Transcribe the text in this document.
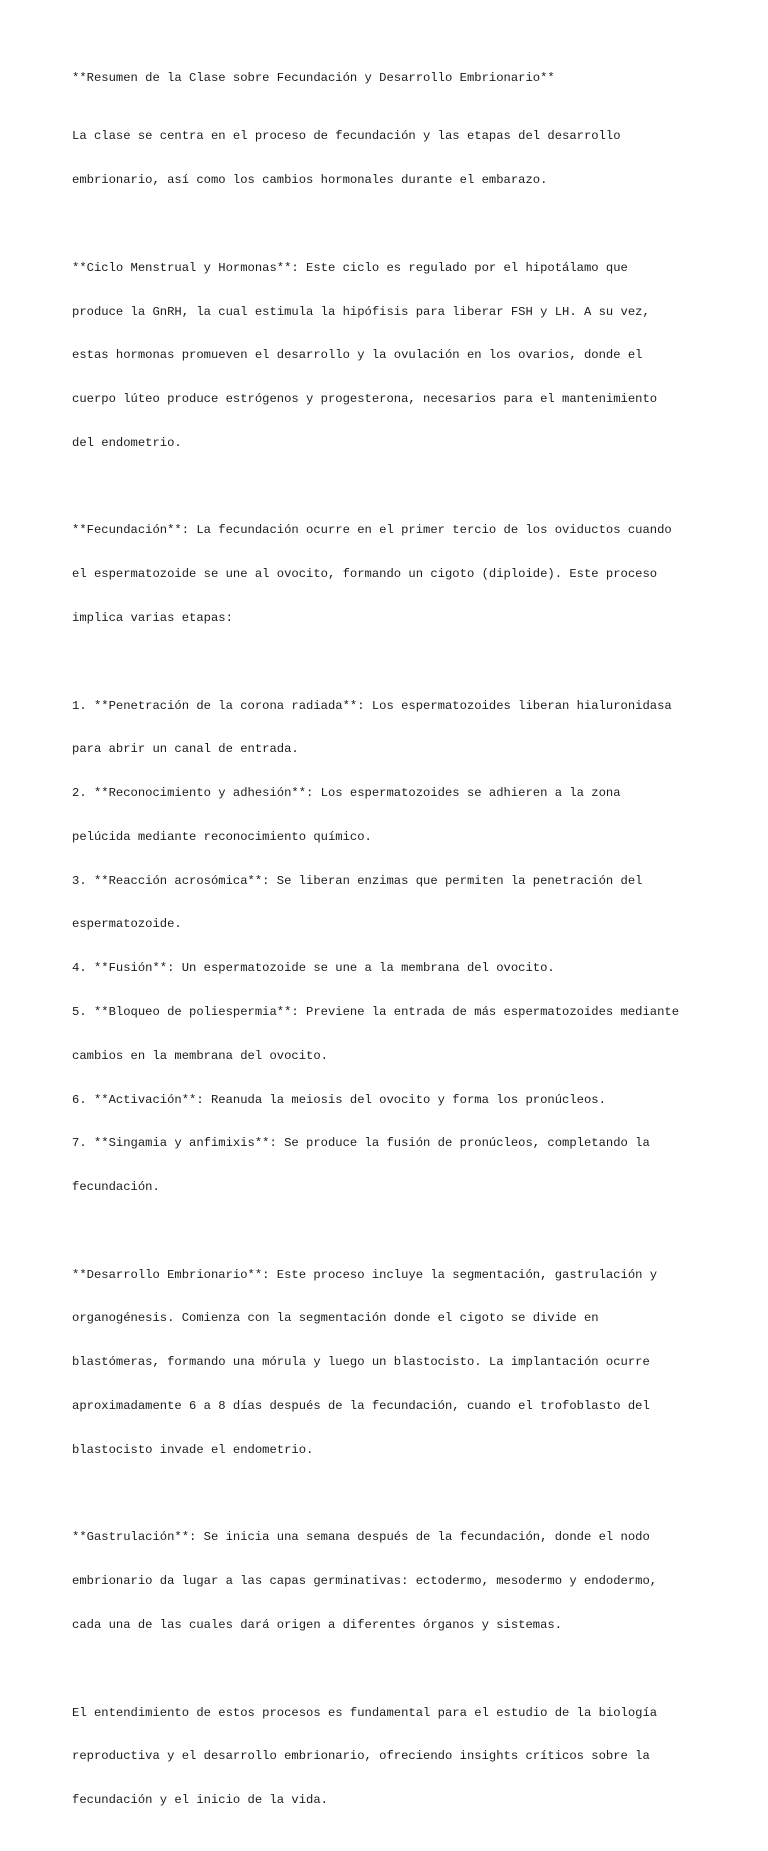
**Resumen de la Clase sobre Fecundación y Desarrollo Embrionario**

La clase se centra en el proceso de fecundación y las etapas del desarrollo

embrionario, así como los cambios hormonales durante el embarazo.

**Ciclo Menstrual y Hormonas**: Este ciclo es regulado por el hipotálamo que

produce la GnRH, la cual estimula la hipófisis para liberar FSH y LH. A su vez,

estas hormonas promueven el desarrollo y la ovulación en los ovarios, donde el

cuerpo lúteo produce estrógenos y progesterona, necesarios para el mantenimiento

del endometrio.

**Fecundación**: La fecundación ocurre en el primer tercio de los oviductos cuando

el espermatozoide se une al ovocito, formando un cigoto (diploide). Este proceso

implica varias etapas:

1. **Penetración de la corona radiada**: Los espermatozoides liberan hialuronidasa

para abrir un canal de entrada.

2. **Reconocimiento y adhesión**: Los espermatozoides se adhieren a la zona

pelúcida mediante reconocimiento químico.

3. **Reacción acrosómica**: Se liberan enzimas que permiten la penetración del

espermatozoide.

4. **Fusión**: Un espermatozoide se une a la membrana del ovocito.

5. **Bloqueo de poliespermia**: Previene la entrada de más espermatozoides mediante

cambios en la membrana del ovocito.

6. **Activación**: Reanuda la meiosis del ovocito y forma los pronúcleos.

7. **Singamia y anfimixis**: Se produce la fusión de pronúcleos, completando la

fecundación.

**Desarrollo Embrionario**: Este proceso incluye la segmentación, gastrulación y

organogénesis. Comienza con la segmentación donde el cigoto se divide en

blastómeras, formando una mórula y luego un blastocisto. La implantación ocurre

aproximadamente 6 a 8 días después de la fecundación, cuando el trofoblasto del

blastocisto invade el endometrio.

**Gastrulación**: Se inicia una semana después de la fecundación, donde el nodo

embrionario da lugar a las capas germinativas: ectodermo, mesodermo y endodermo,

cada una de las cuales dará origen a diferentes órganos y sistemas.

El entendimiento de estos procesos es fundamental para el estudio de la biología

reproductiva y el desarrollo embrionario, ofreciendo insights críticos sobre la

fecundación y el inicio de la vida.
